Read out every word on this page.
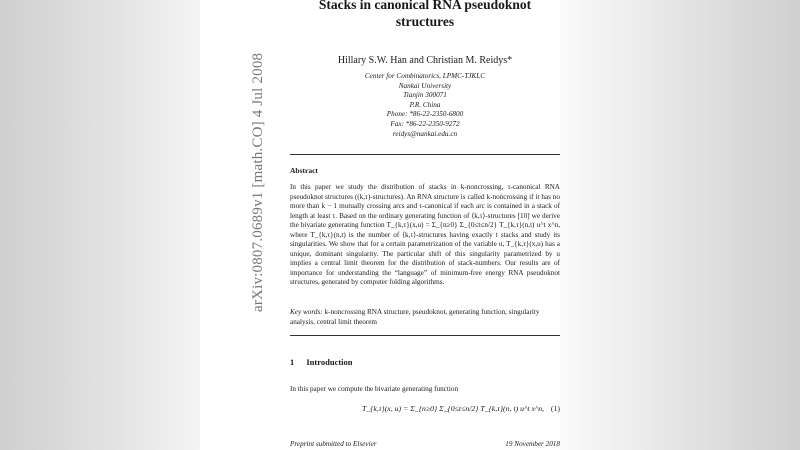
arXiv:0807.0689v1 [math.CO] 4 Jul 2008
Stacks in canonical RNA pseudoknot structures
Hillary S.W. Han and Christian M. Reidys*
Center for Combinatorics, LPMC-TJKLC
Nankai University
Tianjin 300071
P.R. China
Phone: *86-22-2350-6800
Fax: *86-22-2350-9272
reidys@nankai.edu.cn
Abstract
In this paper we study the distribution of stacks in k-noncrossing, τ-canonical RNA pseudoknot structures ((k,τ)-structures). An RNA structure is called k-noncrossing if it has no more than k − 1 mutually crossing arcs and τ-canonical if each arc is contained in a stack of length at least τ. Based on the ordinary generating function of ⟨k,τ⟩-structures [10] we derive the bivariate generating function T_{k,τ}(x,u) = Σ_{n≥0} Σ_{0≤t≤n/2} T_{k,τ}(n,t) u^t x^n, where T_{k,τ}(n,t) is the number of ⟨k,τ⟩-structures having exactly t stacks and study its singularities. We show that for a certain parametrization of the variable u, T_{k,τ}(x,u) has a unique, dominant singularity. The particular shift of this singularity parametrized by u implies a central limit theorem for the distribution of stack-numbers. Our results are of importance for understanding the “language” of minimum-free energy RNA pseudoknot structures, generated by computer folding algorithms.
Key words: k-noncrossing RNA structure, pseudoknot, generating function, singularity analysis, central limit theorem
1 Introduction
In this paper we compute the bivariate generating function
T_{k,τ}(x, u) = Σ_{n≥0} Σ_{0≤t≤n/2} T_{k,τ}(n, t) u^t x^n, (1)
Preprint submitted to Elsevier	19 November 2018
